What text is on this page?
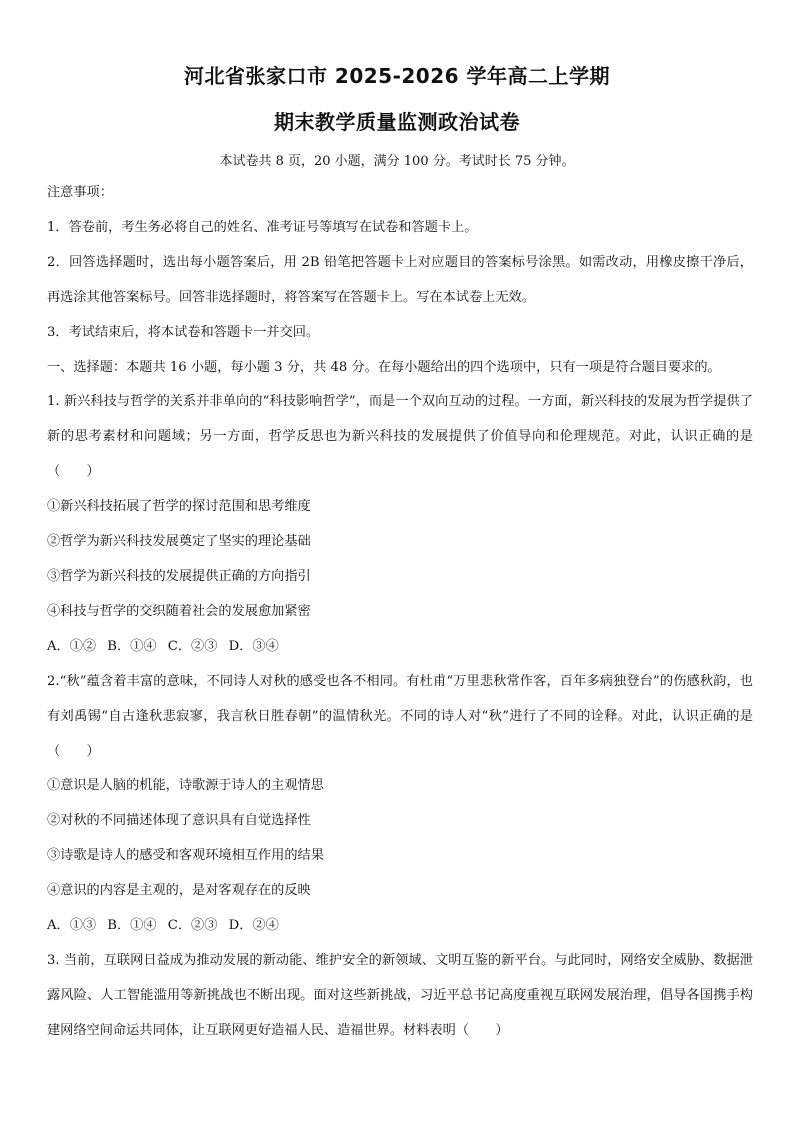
河北省张家口市 2025-2026 学年高二上学期
期末教学质量监测政治试卷
本试卷共 8 页，20 小题，满分 100 分。考试时长 75 分钟。

注意事项：

1．答卷前，考生务必将自己的姓名、准考证号等填写在试卷和答题卡上。

2．回答选择题时，选出每小题答案后，用 2B 铅笔把答题卡上对应题目的答案标号涂黑。如需改动，用橡皮擦干净后，再选涂其他答案标号。回答非选择题时，将答案写在答题卡上。写在本试卷上无效。

3．考试结束后，将本试卷和答题卡一并交回。

一、选择题：本题共 16 小题，每小题 3 分，共 48 分。在每小题给出的四个选项中，只有一项是符合题目要求的。

1. 新兴科技与哲学的关系并非单向的“科技影响哲学”，而是一个双向互动的过程。一方面，新兴科技的发展为哲学提供了新的思考素材和问题域；另一方面，哲学反思也为新兴科技的发展提供了价值导向和伦理规范。对此，认识正确的是（　　）

①新兴科技拓展了哲学的探讨范围和思考维度

②哲学为新兴科技发展奠定了坚实的理论基础

③哲学为新兴科技的发展提供正确的方向指引

④科技与哲学的交织随着社会的发展愈加紧密

A．①② B．①④ C．②③ D．③④

2.“秋”蕴含着丰富的意味，不同诗人对秋的感受也各不相同。有杜甫“万里悲秋常作客，百年多病独登台”的伤感秋韵，也有刘禹锡“自古逢秋悲寂寥，我言秋日胜春朝”的温情秋光。不同的诗人对“秋”进行了不同的诠释。对此，认识正确的是（　　）

①意识是人脑的机能，诗歌源于诗人的主观情思

②对秋的不同描述体现了意识具有自觉选择性

③诗歌是诗人的感受和客观环境相互作用的结果

④意识的内容是主观的，是对客观存在的反映

A．①③ B．①④ C．②③ D．②④

3. 当前，互联网日益成为推动发展的新动能、维护安全的新领域、文明互鉴的新平台。与此同时，网络安全威胁、数据泄露风险、人工智能滥用等新挑战也不断出现。面对这些新挑战，习近平总书记高度重视互联网发展治理，倡导各国携手构建网络空间命运共同体，让互联网更好造福人民、造福世界。材料表明（　　）
